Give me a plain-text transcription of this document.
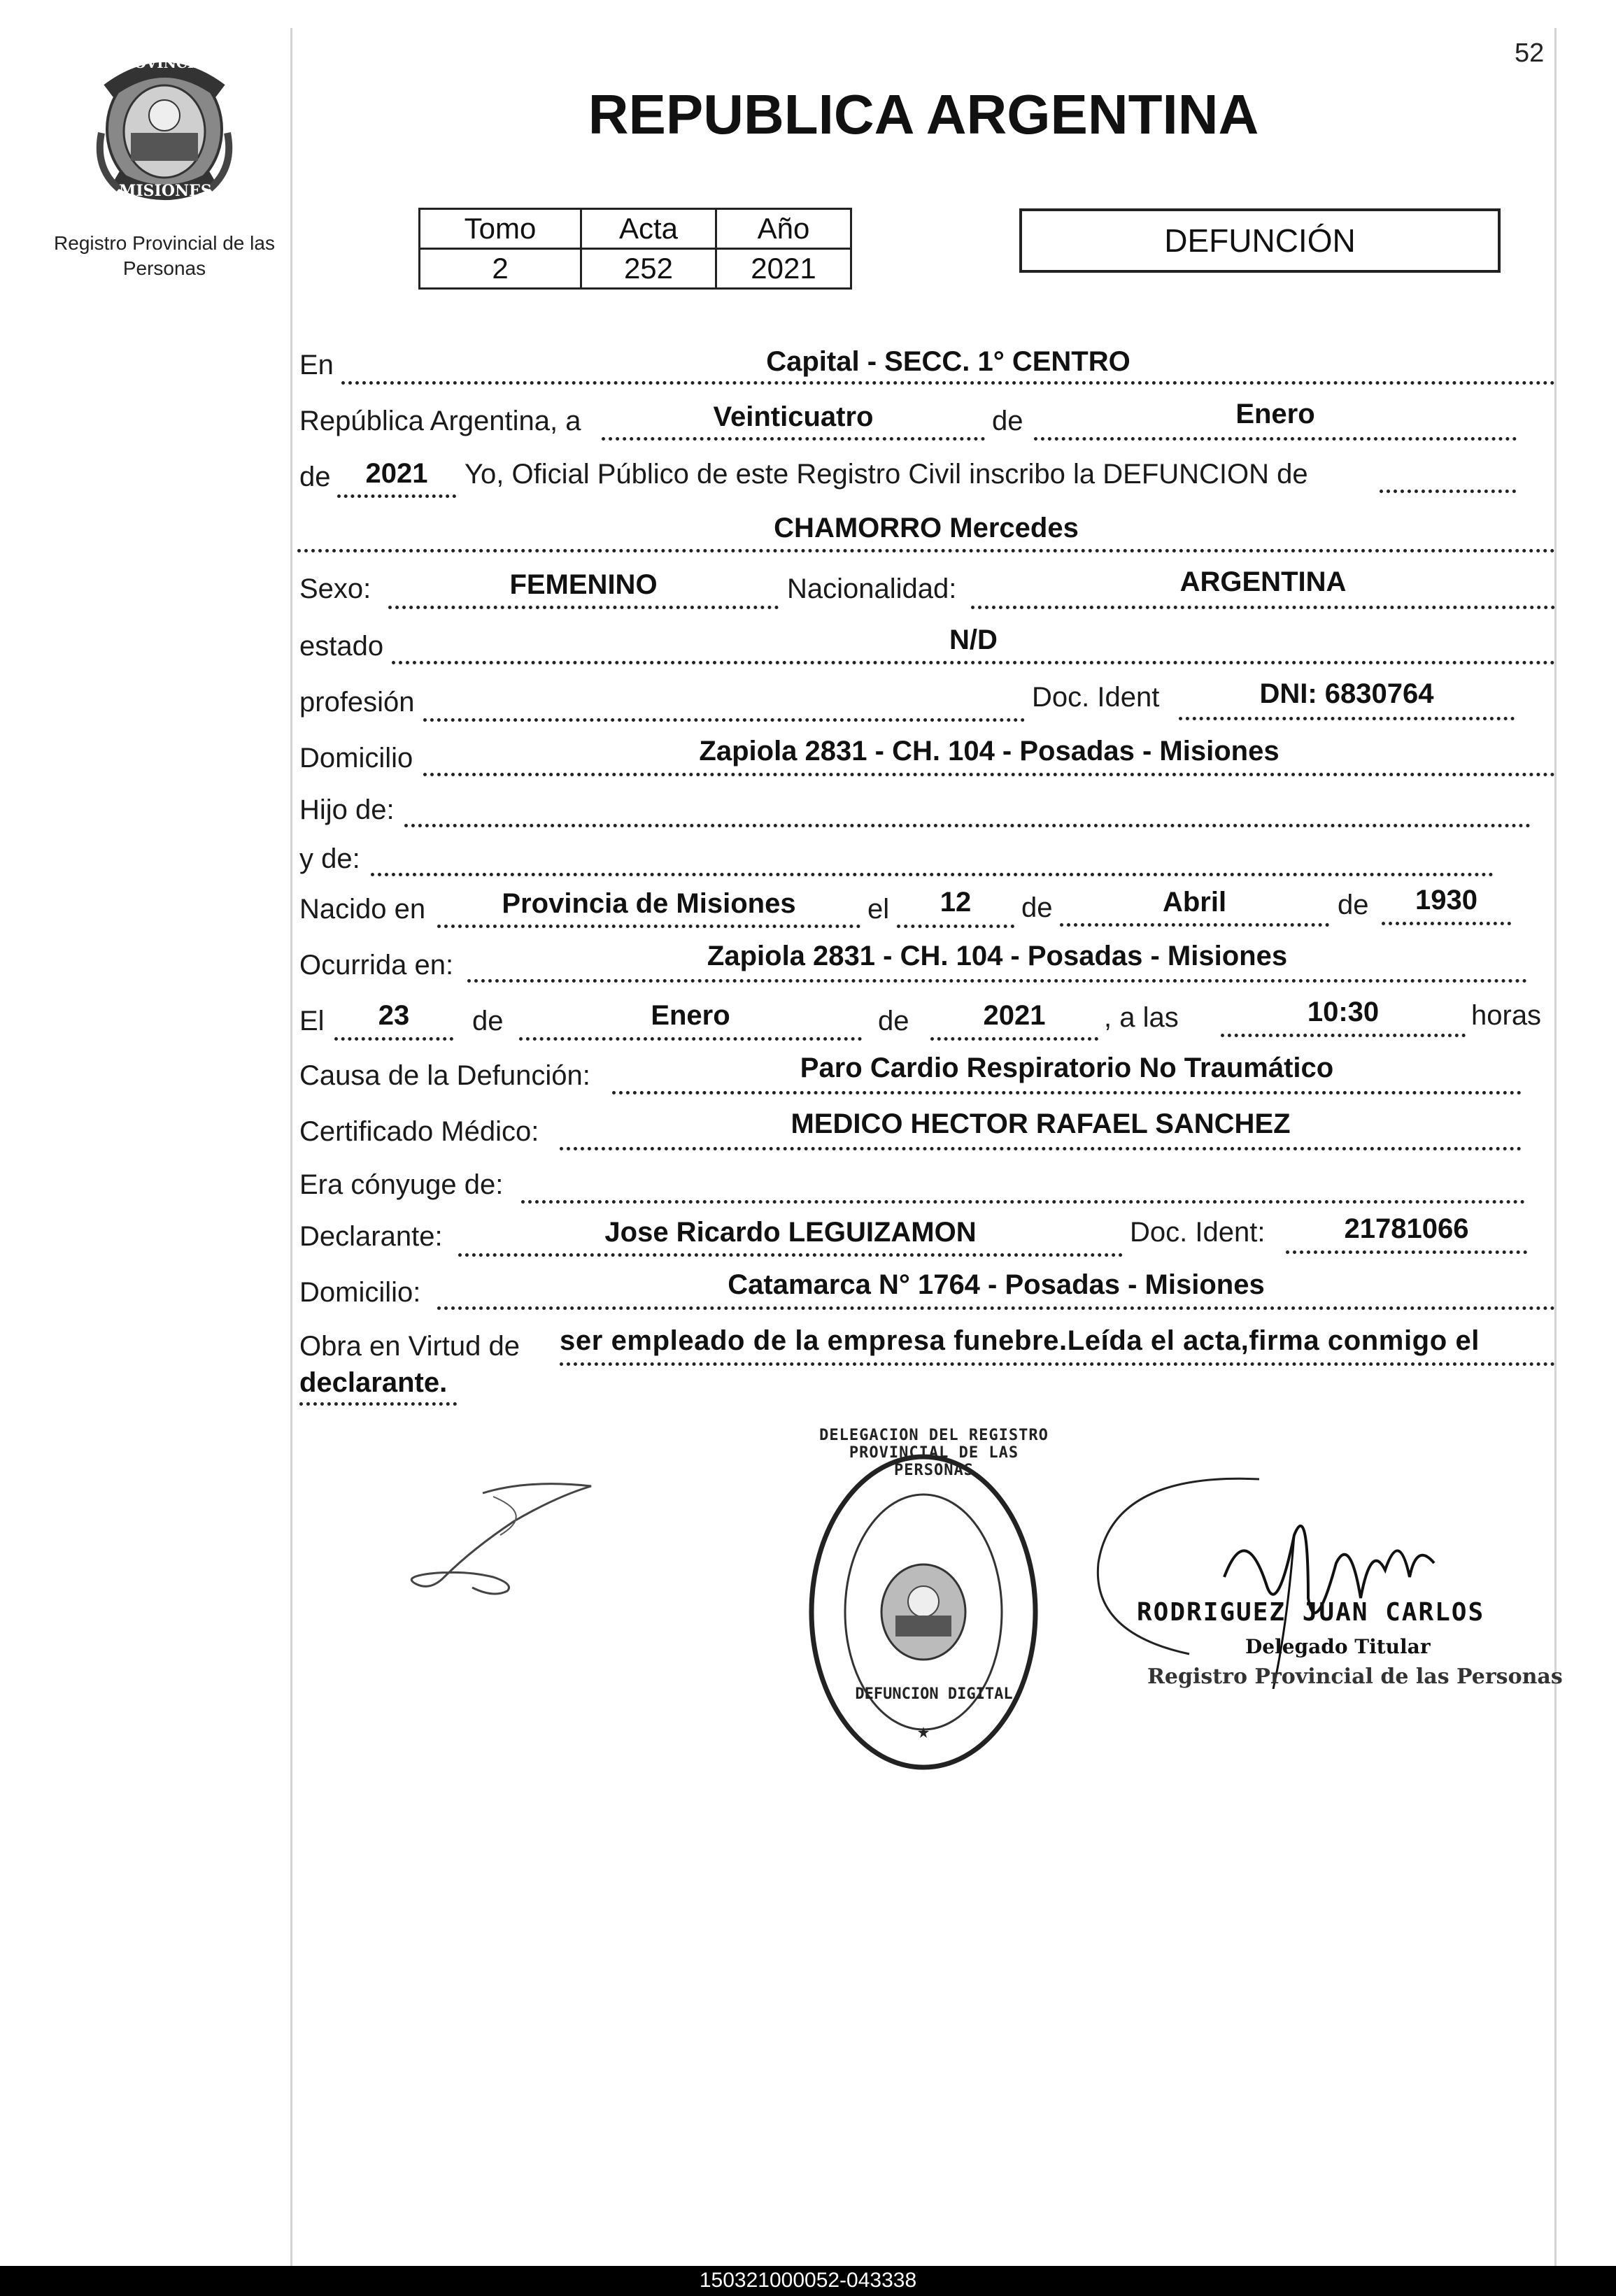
52
PROVINCIA DE
MISIONES
Registro Provincial de las Personas
REPUBLICA ARGENTINA
Tomo	Acta	Año
2	252	2021
DEFUNCIÓN
En	Capital - SECC. 1° CENTRO
República Argentina, a	Veinticuatro	de	Enero
de	2021	Yo, Oficial Público de este Registro Civil inscribo la DEFUNCION de
CHAMORRO Mercedes
Sexo:	FEMENINO	Nacionalidad:	ARGENTINA
estado	N/D
profesión	Doc. Ident	DNI: 6830764
Domicilio	Zapiola 2831 - CH. 104 - Posadas - Misiones
Hijo de:
y de:
Nacido en	Provincia de Misiones	el	12	de	Abril	de	1930
Ocurrida en:	Zapiola 2831 - CH. 104 - Posadas - Misiones
El	23	de	Enero	de	2021	, a las	10:30	horas
Causa de la Defunción:	Paro Cardio Respiratorio No Traumático
Certificado Médico:	MEDICO HECTOR RAFAEL SANCHEZ
Era cónyuge de:
Declarante:	Jose Ricardo LEGUIZAMON	Doc. Ident:	21781066
Domicilio:	Catamarca N° 1764 - Posadas - Misiones
Obra en Virtud de ser empleado de la empresa funebre.Leída el acta,firma conmigo el
declarante.
DELEGACION DEL REGISTRO PROVINCIAL DE LAS PERSONAS
DEFUNCION DIGITAL
RODRIGUEZ JUAN CARLOS
Delegado Titular
Registro Provincial de las Personas
150321000052-043338
